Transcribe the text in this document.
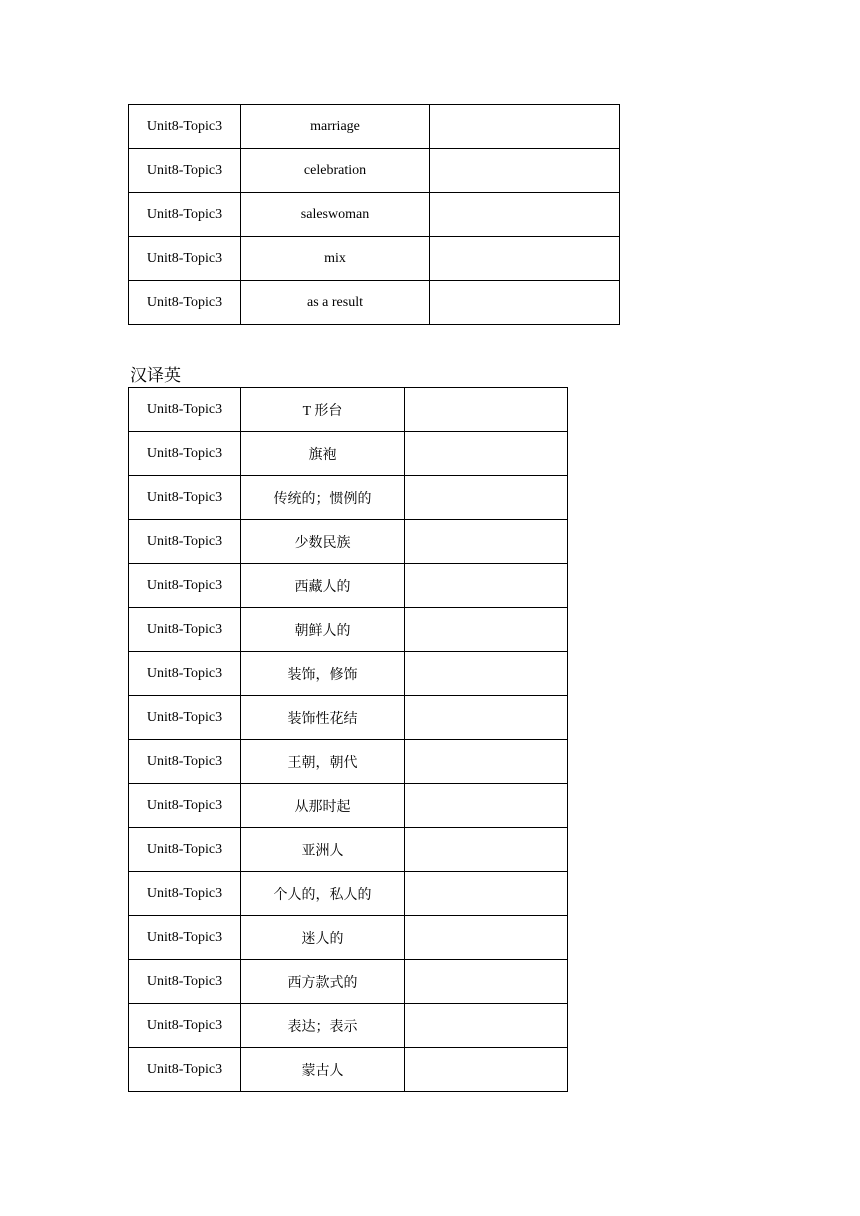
Unit8-Topic3	marriage	
Unit8-Topic3	celebration	
Unit8-Topic3	saleswoman	
Unit8-Topic3	mix	
Unit8-Topic3	as a result	
汉译英
Unit8-Topic3	T 形台	
Unit8-Topic3	旗袍	
Unit8-Topic3	传统的；惯例的	
Unit8-Topic3	少数民族	
Unit8-Topic3	西藏人的	
Unit8-Topic3	朝鲜人的	
Unit8-Topic3	装饰，修饰	
Unit8-Topic3	装饰性花结	
Unit8-Topic3	王朝，朝代	
Unit8-Topic3	从那时起	
Unit8-Topic3	亚洲人	
Unit8-Topic3	个人的，私人的	
Unit8-Topic3	迷人的	
Unit8-Topic3	西方款式的	
Unit8-Topic3	表达；表示	
Unit8-Topic3	蒙古人	
